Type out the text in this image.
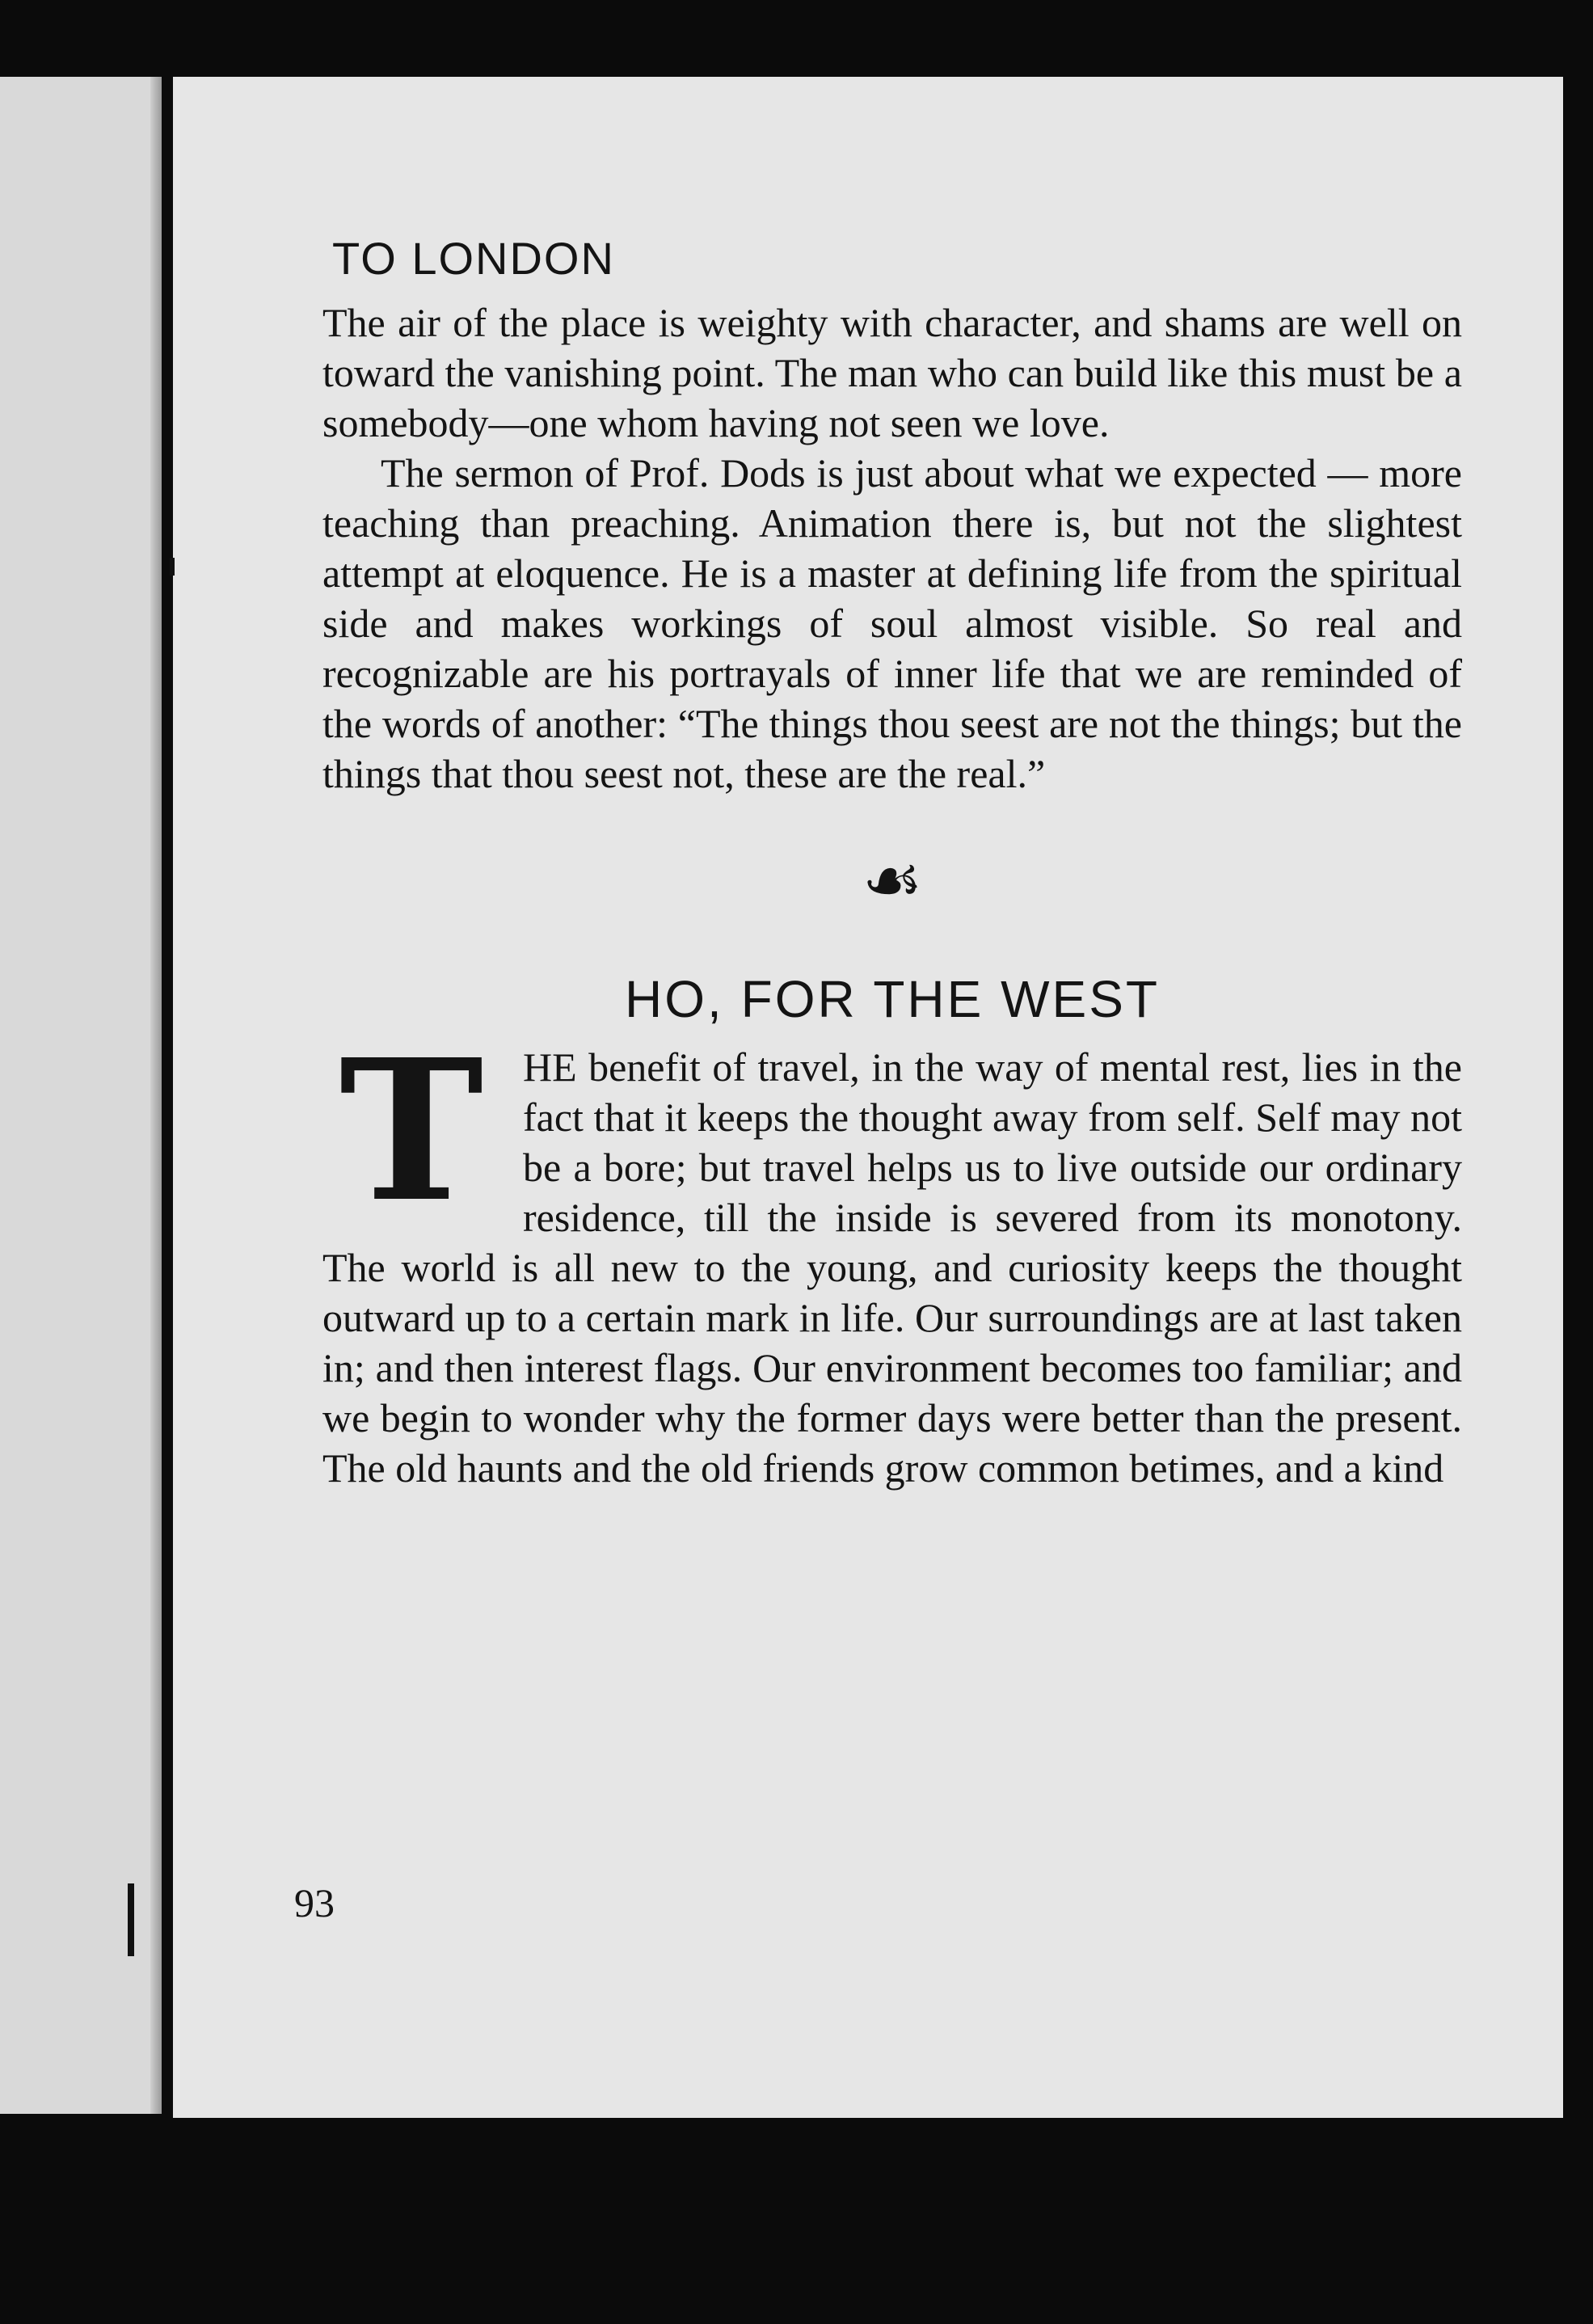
TO LONDON

The air of the place is weighty with character, and shams are well on toward the vanishing point. The man who can build like this must be a somebody—one whom having not seen we love.

The sermon of Prof. Dods is just about what we expected — more teaching than preaching. Animation there is, but not the slightest attempt at eloquence. He is a master at defining life from the spiritual side and makes workings of soul almost visible. So real and recognizable are his portrayals of inner life that we are reminded of the words of another: “The things thou seest are not the things; but the things that thou seest not, these are the real.”

☙
HO, FOR THE WEST
T HE benefit of travel, in the way of mental rest, lies in the fact that it keeps the thought away from self. Self may not be a bore; but travel helps us to live outside our ordinary residence, till the inside is severed from its monotony. The world is all new to the young, and curiosity keeps the thought outward up to a certain mark in life. Our surroundings are at last taken in; and then interest flags. Our environment becomes too familiar; and we begin to wonder why the former days were better than the present. The old haunts and the old friends grow common betimes, and a kind

93
